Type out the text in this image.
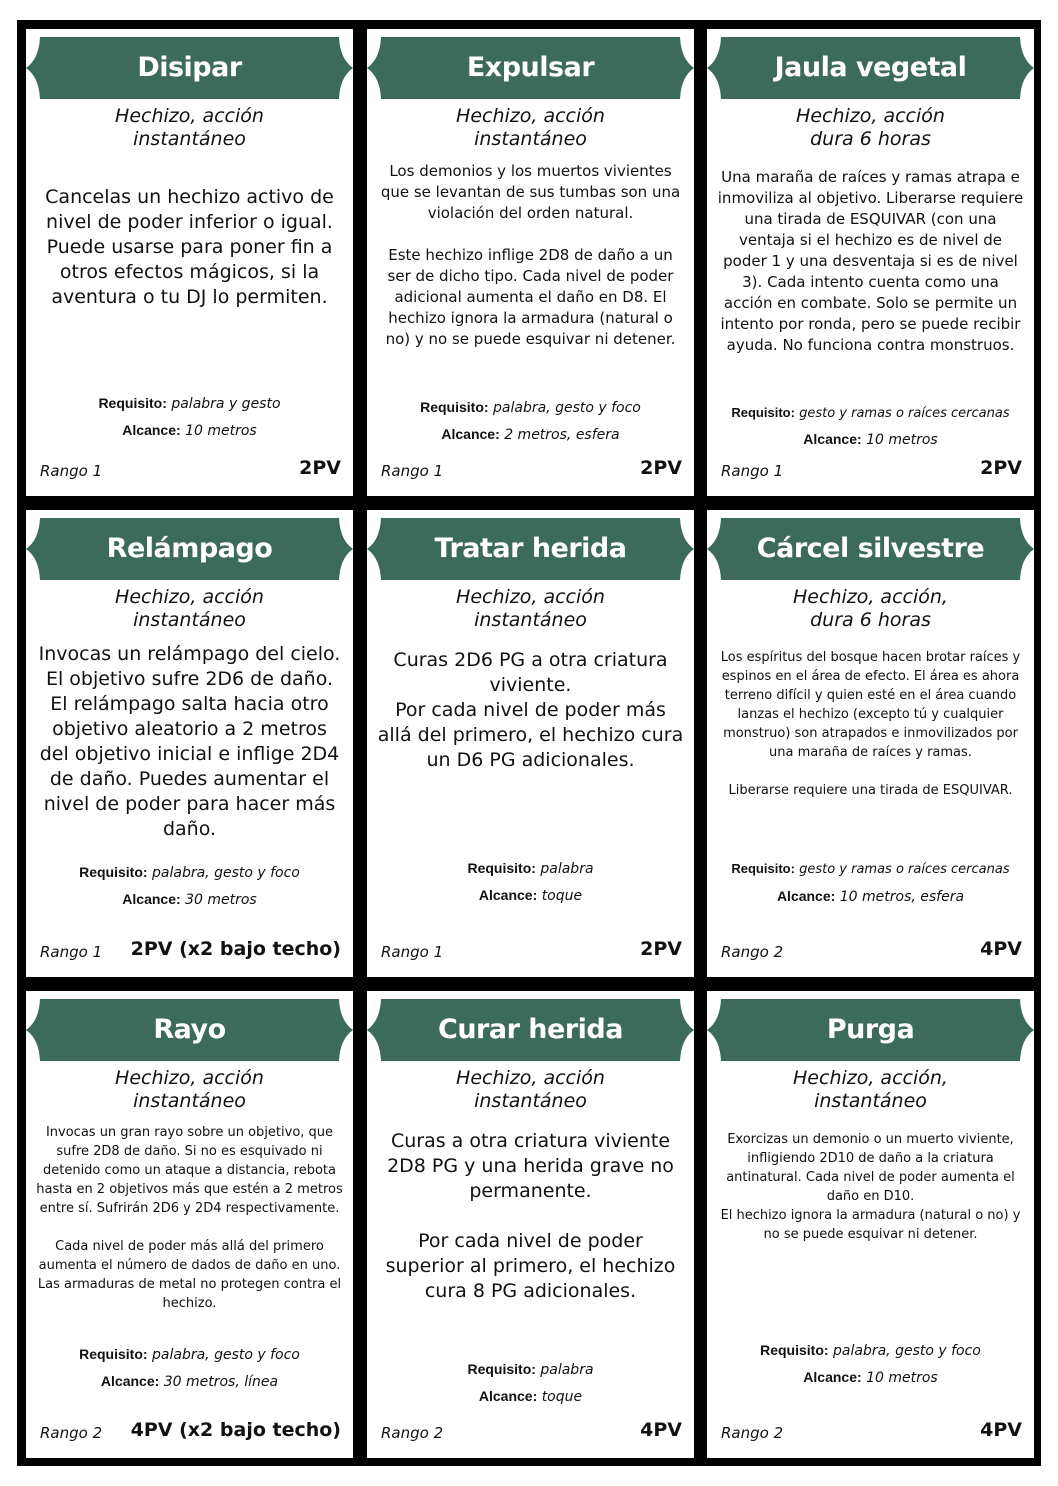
Disipar
Hechizo, acción
instantáneo
Cancelas un hechizo activo de nivel de poder inferior o igual. Puede usarse para poner fin a otros efectos mágicos, si la aventura o tu DJ lo permiten.
Requisito: palabra y gesto
Alcance: 10 metros
Rango 1	2PV
Expulsar
Hechizo, acción
instantáneo
Los demonios y los muertos vivientes que se levantan de sus tumbas son una violación del orden natural.

Este hechizo inflige 2D8 de daño a un ser de dicho tipo. Cada nivel de poder adicional aumenta el daño en D8. El hechizo ignora la armadura (natural o no) y no se puede esquivar ni detener.
Requisito: palabra, gesto y foco
Alcance: 2 metros, esfera
Rango 1	2PV
Jaula vegetal
Hechizo, acción
dura 6 horas
Una maraña de raíces y ramas atrapa e inmoviliza al objetivo. Liberarse requiere una tirada de ESQUIVAR (con una ventaja si el hechizo es de nivel de poder 1 y una desventaja si es de nivel 3). Cada intento cuenta como una acción en combate. Solo se permite un intento por ronda, pero se puede recibir ayuda. No funciona contra monstruos.
Requisito: gesto y ramas o raíces cercanas
Alcance: 10 metros
Rango 1	2PV
Relámpago
Hechizo, acción
instantáneo
Invocas un relámpago del cielo. El objetivo sufre 2D6 de daño. El relámpago salta hacia otro objetivo aleatorio a 2 metros del objetivo inicial e inflige 2D4 de daño. Puedes aumentar el nivel de poder para hacer más daño.
Requisito: palabra, gesto y foco
Alcance: 30 metros
Rango 1 2PV (x2 bajo techo)
Tratar herida
Hechizo, acción
instantáneo
Curas 2D6 PG a otra criatura viviente.
Por cada nivel de poder más allá del primero, el hechizo cura un D6 PG adicionales.
Requisito: palabra
Alcance: toque
Rango 1	2PV
Cárcel silvestre
Hechizo, acción,
dura 6 horas
Los espíritus del bosque hacen brotar raíces y espinos en el área de efecto. El área es ahora terreno difícil y quien esté en el área cuando lanzas el hechizo (excepto tú y cualquier monstruo) son atrapados e inmovilizados por una maraña de raíces y ramas.

Liberarse requiere una tirada de ESQUIVAR.
Requisito: gesto y ramas o raíces cercanas
Alcance: 10 metros, esfera
Rango 2	4PV
Rayo
Hechizo, acción
instantáneo
Invocas un gran rayo sobre un objetivo, que sufre 2D8 de daño. Si no es esquivado ni detenido como un ataque a distancia, rebota hasta en 2 objetivos más que estén a 2 metros entre sí. Sufrirán 2D6 y 2D4 respectivamente.

Cada nivel de poder más allá del primero aumenta el número de dados de daño en uno. Las armaduras de metal no protegen contra el hechizo.
Requisito: palabra, gesto y foco
Alcance: 30 metros, línea
Rango 2 4PV (x2 bajo techo)
Curar herida
Hechizo, acción
instantáneo
Curas a otra criatura viviente 2D8 PG y una herida grave no permanente.

Por cada nivel de poder superior al primero, el hechizo cura 8 PG adicionales.
Requisito: palabra
Alcance: toque
Rango 2	4PV
Purga
Hechizo, acción,
instantáneo
Exorcizas un demonio o un muerto viviente, infligiendo 2D10 de daño a la criatura antinatural. Cada nivel de poder aumenta el daño en D10.
El hechizo ignora la armadura (natural o no) y no se puede esquivar ni detener.
Requisito: palabra, gesto y foco
Alcance: 10 metros
Rango 2	4PV
